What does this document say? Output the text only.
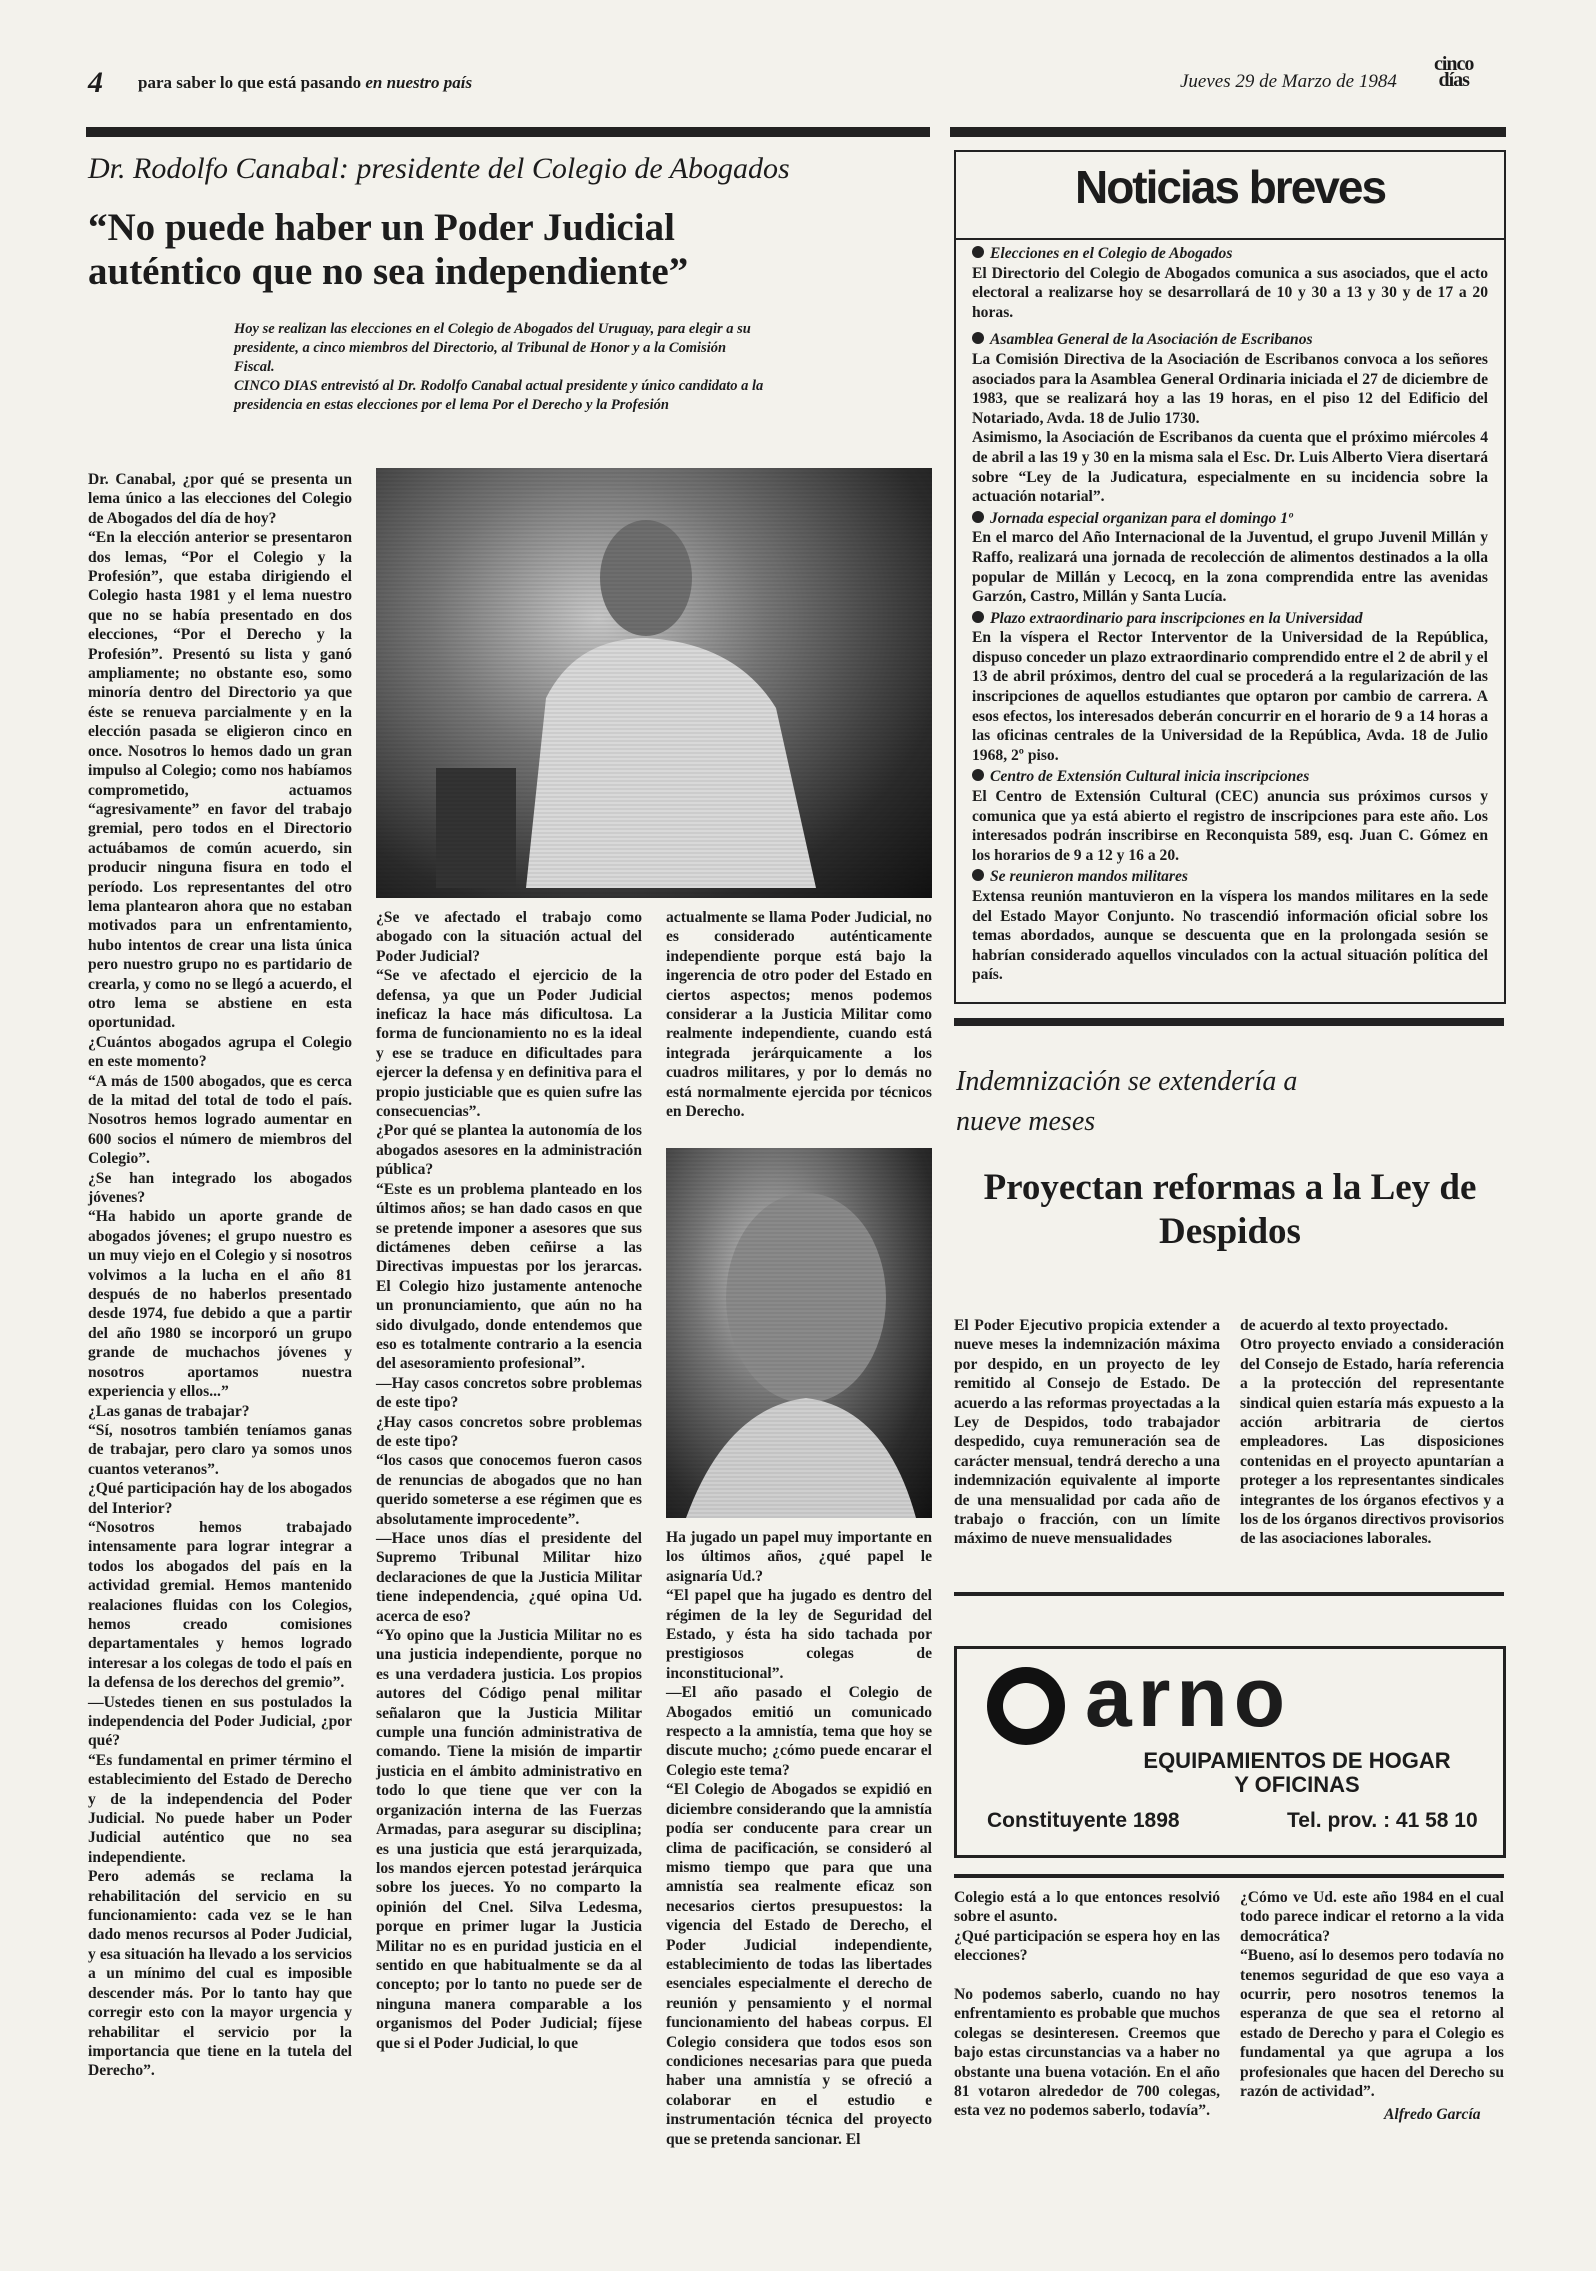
4 para saber lo que está pasando en nuestro país	Jueves 29 de Marzo de 1984
cinco
días
Dr. Rodolfo Canabal: presidente del Colegio de Abogados
“No puede haber un Poder Judicial auténtico que no sea independiente”
Hoy se realizan las elecciones en el Colegio de Abogados del Uruguay, para elegir a su presidente, a cinco miembros del Directorio, al Tribunal de Honor y a la Comisión Fiscal.
CINCO DIAS entrevistó al Dr. Rodolfo Canabal actual presidente y único candidato a la presidencia en estas elecciones por el lema Por el Derecho y la Profesión
Dr. Canabal, ¿por qué se presenta un lema único a las elecciones del Colegio de Abogados del día de hoy?
“En la elección anterior se presentaron dos lemas, “Por el Colegio y la Profesión”, que estaba dirigiendo el Colegio hasta 1981 y el lema nuestro que no se había presentado en dos elecciones, “Por el Derecho y la Profesión”. Presentó su lista y ganó ampliamente; no obstante eso, somo minoría dentro del Directorio ya que éste se renueva parcialmente y en la elección pasada se eligieron cinco en once. Nosotros lo hemos dado un gran impulso al Colegio; como nos habíamos comprometido, actuamos “agresivamente” en favor del trabajo gremial, pero todos en el Directorio actuábamos de común acuerdo, sin producir ninguna fisura en todo el período. Los representantes del otro lema plantearon ahora que no estaban motivados para un enfrentamiento, hubo intentos de crear una lista única pero nuestro grupo no es partidario de crearla, y como no se llegó a acuerdo, el otro lema se abstiene en esta oportunidad.
¿Cuántos abogados agrupa el Colegio en este momento?
“A más de 1500 abogados, que es cerca de la mitad del total de todo el país. Nosotros hemos logrado aumentar en 600 socios el número de miembros del Colegio”.
¿Se han integrado los abogados jóvenes?
“Ha habido un aporte grande de abogados jóvenes; el grupo nuestro es un muy viejo en el Colegio y si nosotros volvimos a la lucha en el año 81 después de no haberlos presentado desde 1974, fue debido a que a partir del año 1980 se incorporó un grupo grande de muchachos jóvenes y nosotros aportamos nuestra experiencia y ellos...”
¿Las ganas de trabajar?
“Sí, nosotros también teníamos ganas de trabajar, pero claro ya somos unos cuantos veteranos”.
¿Qué participación hay de los abogados del Interior?
“Nosotros hemos trabajado intensamente para lograr integrar a todos los abogados del país en la actividad gremial. Hemos mantenido realaciones fluidas con los Colegios, hemos creado comisiones departamentales y hemos logrado interesar a los colegas de todo el país en la defensa de los derechos del gremio”.
—Ustedes tienen en sus postulados la independencia del Poder Judicial, ¿por qué?
“Es fundamental en primer término el establecimiento del Estado de Derecho y de la independencia del Poder Judicial. No puede haber un Poder Judicial auténtico que no sea independiente.
Pero además se reclama la rehabilitación del servicio en su funcionamiento: cada vez se le han dado menos recursos al Poder Judicial, y esa situación ha llevado a los servicios a un mínimo del cual es imposible descender más. Por lo tanto hay que corregir esto con la mayor urgencia y rehabilitar el servicio por la importancia que tiene en la tutela del Derecho”.
¿Se ve afectado el trabajo como abogado con la situación actual del Poder Judicial?
“Se ve afectado el ejercicio de la defensa, ya que un Poder Judicial ineficaz la hace más dificultosa. La forma de funcionamiento no es la ideal y ese se traduce en dificultades para ejercer la defensa y en definitiva para el propio justiciable que es quien sufre las consecuencias”.
¿Por qué se plantea la autonomía de los abogados asesores en la administración pública?
“Este es un problema planteado en los últimos años; se han dado casos en que se pretende imponer a asesores que sus dictámenes deben ceñirse a las Directivas impuestas por los jerarcas. El Colegio hizo justamente antenoche un pronunciamiento, que aún no ha sido divulgado, donde entendemos que eso es totalmente contrario a la esencia del asesoramiento profesional”.
—Hay casos concretos sobre problemas de este tipo?
¿Hay casos concretos sobre problemas de este tipo?
“los casos que conocemos fueron casos de renuncias de abogados que no han querido someterse a ese régimen que es absolutamente improcedente”.
—Hace unos días el presidente del Supremo Tribunal Militar hizo declaraciones de que la Justicia Militar tiene independencia, ¿qué opina Ud. acerca de eso?
“Yo opino que la Justicia Militar no es una justicia independiente, porque no es una verdadera justicia. Los propios autores del Código penal militar señalaron que la Justicia Militar cumple una función administrativa de comando. Tiene la misión de impartir justicia en el ámbito administrativo en todo lo que tiene que ver con la organización interna de las Fuerzas Armadas, para asegurar su disciplina; es una justicia que está jerarquizada, los mandos ejercen potestad jerárquica sobre los jueces. Yo no comparto la opinión del Cnel. Silva Ledesma, porque en primer lugar la Justicia Militar no es en puridad justicia en el sentido en que habitualmente se da al concepto; por lo tanto no puede ser de ninguna manera comparable a los organismos del Poder Judicial; fíjese que si el Poder Judicial, lo que
actualmente se llama Poder Judicial, no es considerado auténticamente independiente porque está bajo la ingerencia de otro poder del Estado en ciertos aspectos; menos podemos considerar a la Justicia Militar como realmente independiente, cuando está integrada jerárquicamente a los cuadros militares, y por lo demás no está normalmente ejercida por técnicos en Derecho.
Ha jugado un papel muy importante en los últimos años, ¿qué papel le asignaría Ud.?
“El papel que ha jugado es dentro del régimen de la ley de Seguridad del Estado, y ésta ha sido tachada por prestigiosos colegas de inconstitucional”.
—El año pasado el Colegio de Abogados emitió un comunicado respecto a la amnistía, tema que hoy se discute mucho; ¿cómo puede encarar el Colegio este tema?
“El Colegio de Abogados se expidió en diciembre considerando que la amnistía podía ser conducente para crear un clima de pacificación, se consideró al mismo tiempo que para que una amnistía sea realmente eficaz son necesarios ciertos presupuestos: la vigencia del Estado de Derecho, el Poder Judicial independiente, establecimiento de todas las libertades esenciales especialmente el derecho de reunión y pensamiento y el normal funcionamiento del habeas corpus. El Colegio considera que todos esos son condiciones necesarias para que pueda haber una amnistía y se ofreció a colaborar en el estudio e instrumentación técnica del proyecto que se pretenda sancionar. El
Noticias breves
Elecciones en el Colegio de Abogados
El Directorio del Colegio de Abogados comunica a sus asociados, que el acto electoral a realizarse hoy se desarrollará de 10 y 30 a 13 y 30 y de 17 a 20 horas.
Asamblea General de la Asociación de Escribanos
La Comisión Directiva de la Asociación de Escribanos convoca a los señores asociados para la Asamblea General Ordinaria iniciada el 27 de diciembre de 1983, que se realizará hoy a las 19 horas, en el piso 12 del Edificio del Notariado, Avda. 18 de Julio 1730.
Asimismo, la Asociación de Escribanos da cuenta que el próximo miércoles 4 de abril a las 19 y 30 en la misma sala el Esc. Dr. Luis Alberto Viera disertará sobre “Ley de la Judicatura, especialmente en su incidencia sobre la actuación notarial”.
Jornada especial organizan para el domingo 1º
En el marco del Año Internacional de la Juventud, el grupo Juvenil Millán y Raffo, realizará una jornada de recolección de alimentos destinados a la olla popular de Millán y Lecocq, en la zona comprendida entre las avenidas Garzón, Castro, Millán y Santa Lucía.
Plazo extraordinario para inscripciones en la Universidad
En la víspera el Rector Interventor de la Universidad de la República, dispuso conceder un plazo extraordinario comprendido entre el 2 de abril y el 13 de abril próximos, dentro del cual se procederá a la regularización de las inscripciones de aquellos estudiantes que optaron por cambio de carrera. A esos efectos, los interesados deberán concurrir en el horario de 9 a 14 horas a las oficinas centrales de la Universidad de la República, Avda. 18 de Julio 1968, 2º piso.
Centro de Extensión Cultural inicia inscripciones
El Centro de Extensión Cultural (CEC) anuncia sus próximos cursos y comunica que ya está abierto el registro de inscripciones para este año. Los interesados podrán inscribirse en Reconquista 589, esq. Juan C. Gómez en los horarios de 9 a 12 y 16 a 20.
Se reunieron mandos militares
Extensa reunión mantuvieron en la víspera los mandos militares en la sede del Estado Mayor Conjunto. No trascendió información oficial sobre los temas abordados, aunque se descuenta que en la prolongada sesión se habrían considerado aquellos vinculados con la actual situación política del país.
Indemnización se extendería a nueve meses
Proyectan reformas a la Ley de Despidos
El Poder Ejecutivo propicia extender a nueve meses la indemnización máxima por despido, en un proyecto de ley remitido al Consejo de Estado. De acuerdo a las reformas proyectadas a la Ley de Despidos, todo trabajador despedido, cuya remuneración sea de carácter mensual, tendrá derecho a una indemnización equivalente al importe de una mensualidad por cada año de trabajo o fracción, con un límite máximo de nueve mensualidades
de acuerdo al texto proyectado.
Otro proyecto enviado a consideración del Consejo de Estado, haría referencia a la protección del representante sindical quien estaría más expuesto a la acción arbitraria de ciertos empleadores. Las disposiciones contenidas en el proyecto apuntarían a proteger a los representantes sindicales integrantes de los órganos efectivos y a los de los órganos directivos provisorios de las asociaciones laborales.
arno
EQUIPAMIENTOS DE HOGAR
Y OFICINAS
Constituyente 1898	Tel. prov. : 41 58 10
Colegio está a lo que entonces resolvió sobre el asunto.
¿Qué participación se espera hoy en las elecciones?

No podemos saberlo, cuando no hay enfrentamiento es probable que muchos colegas se desinteresen. Creemos que bajo estas circunstancias va a haber no obstante una buena votación. En el año 81 votaron alrededor de 700 colegas, esta vez no podemos saberlo, todavía”.
¿Cómo ve Ud. este año 1984 en el cual todo parece indicar el retorno a la vida democrática?
“Bueno, así lo desemos pero todavía no tenemos seguridad de que eso vaya a ocurrir, pero nosotros tenemos la esperanza de que sea el retorno al estado de Derecho y para el Colegio es fundamental ya que agrupa a los profesionales que hacen del Derecho su razón de actividad”.
Alfredo García
